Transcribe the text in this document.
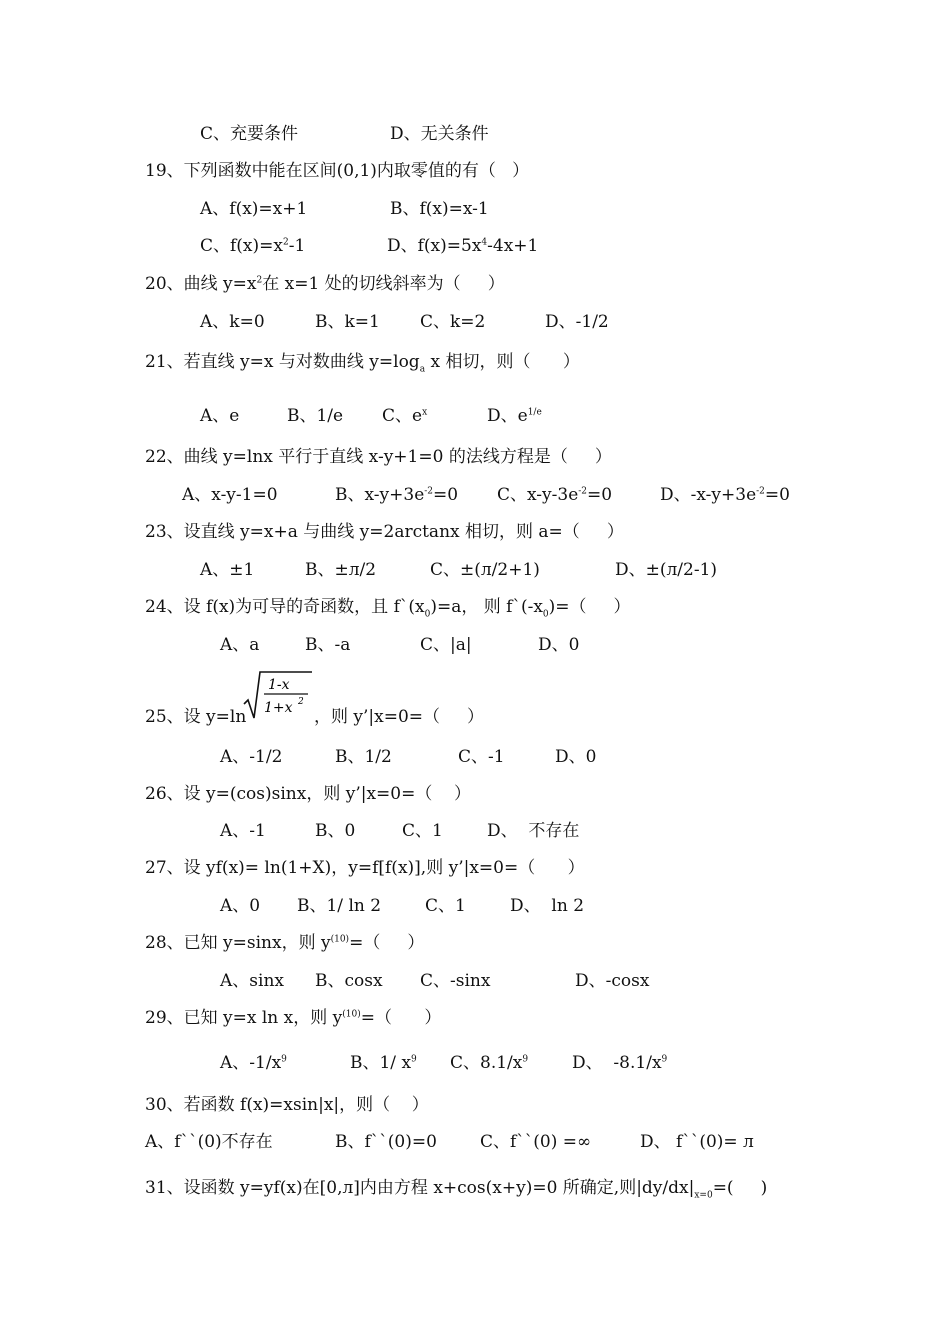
C、充要条件	D、无关条件
19、下列函数中能在区间(0,1)内取零值的有（   ）
A、f(x)=x+1	B、f(x)=x-1
C、$f(x)=x^2-1$	D、$f(x)=5x^4-4x+1$
20、曲线 $y=x^2$在 x=1 处的切线斜率为（     ）
A、k=0	B、k=1 C、k=2	D、-1/2
21、若直线 y=x 与对数曲线 $y=\log_a$ x 相切，则（      ）
A、e	B、1/e C、$e^x$	D、$e^{1/e}$
22、曲线 y=lnx 平行于直线 x-y+1=0 的法线方程是（     ）
A、x-y-1=0	B、$x-y+3e^{-2}=0$ C、$x-y-3e^{-2}=0$	D、$-x-y+3e^{-2}=0$
23、设直线 y=x+a 与曲线 y=2arctanx 相切，则 a=（     ）
A、±1	B、±л/2	C、±(л/2+1)	D、±(л/2-1)
24、设 f(x)为可导的奇函数，且 $f`(x_0)=a$， 则 $f`(-x_0)=$（     ）
A、a	B、-a	C、|a|	D、0
25、设 y=ln
1-x
1+x 2
，则 y’|x=0=（     ）
A、-1/2	B、1/2	C、-1	D、0
26、设 y=(cos)sinx，则 y’|x=0=（    ）
A、-1	B、0	C、1	D、  不存在
27、设 yf(x)= ln(1+X)，y=f[f(x)],则 y’|x=0=（      ）
A、0 B、1/ ln 2	C、1	D、  ln 2
28、已知 y=sinx，则 $y^{(10)}=$（     ）
A、sinx B、cosx C、-sinx	D、-cosx
29、已知 y=x ln x，则 $y^{(10)}=$（      ）
A、$-1/x^9$	B、1/ $x^9$ C、$8.1/x^9$	D、  $-8.1/x^9$
30、若函数 f(x)=xsin|x|，则（    ）
A、f``(0)不存在	B、f``(0)=0	C、f``(0) =∞	D、 f``(0)= л
31、设函数 y=yf(x)在[0,л]内由方程 x+cos(x+y)=0 所确定,则$|dy/dx|_{x=0}=$(     )
